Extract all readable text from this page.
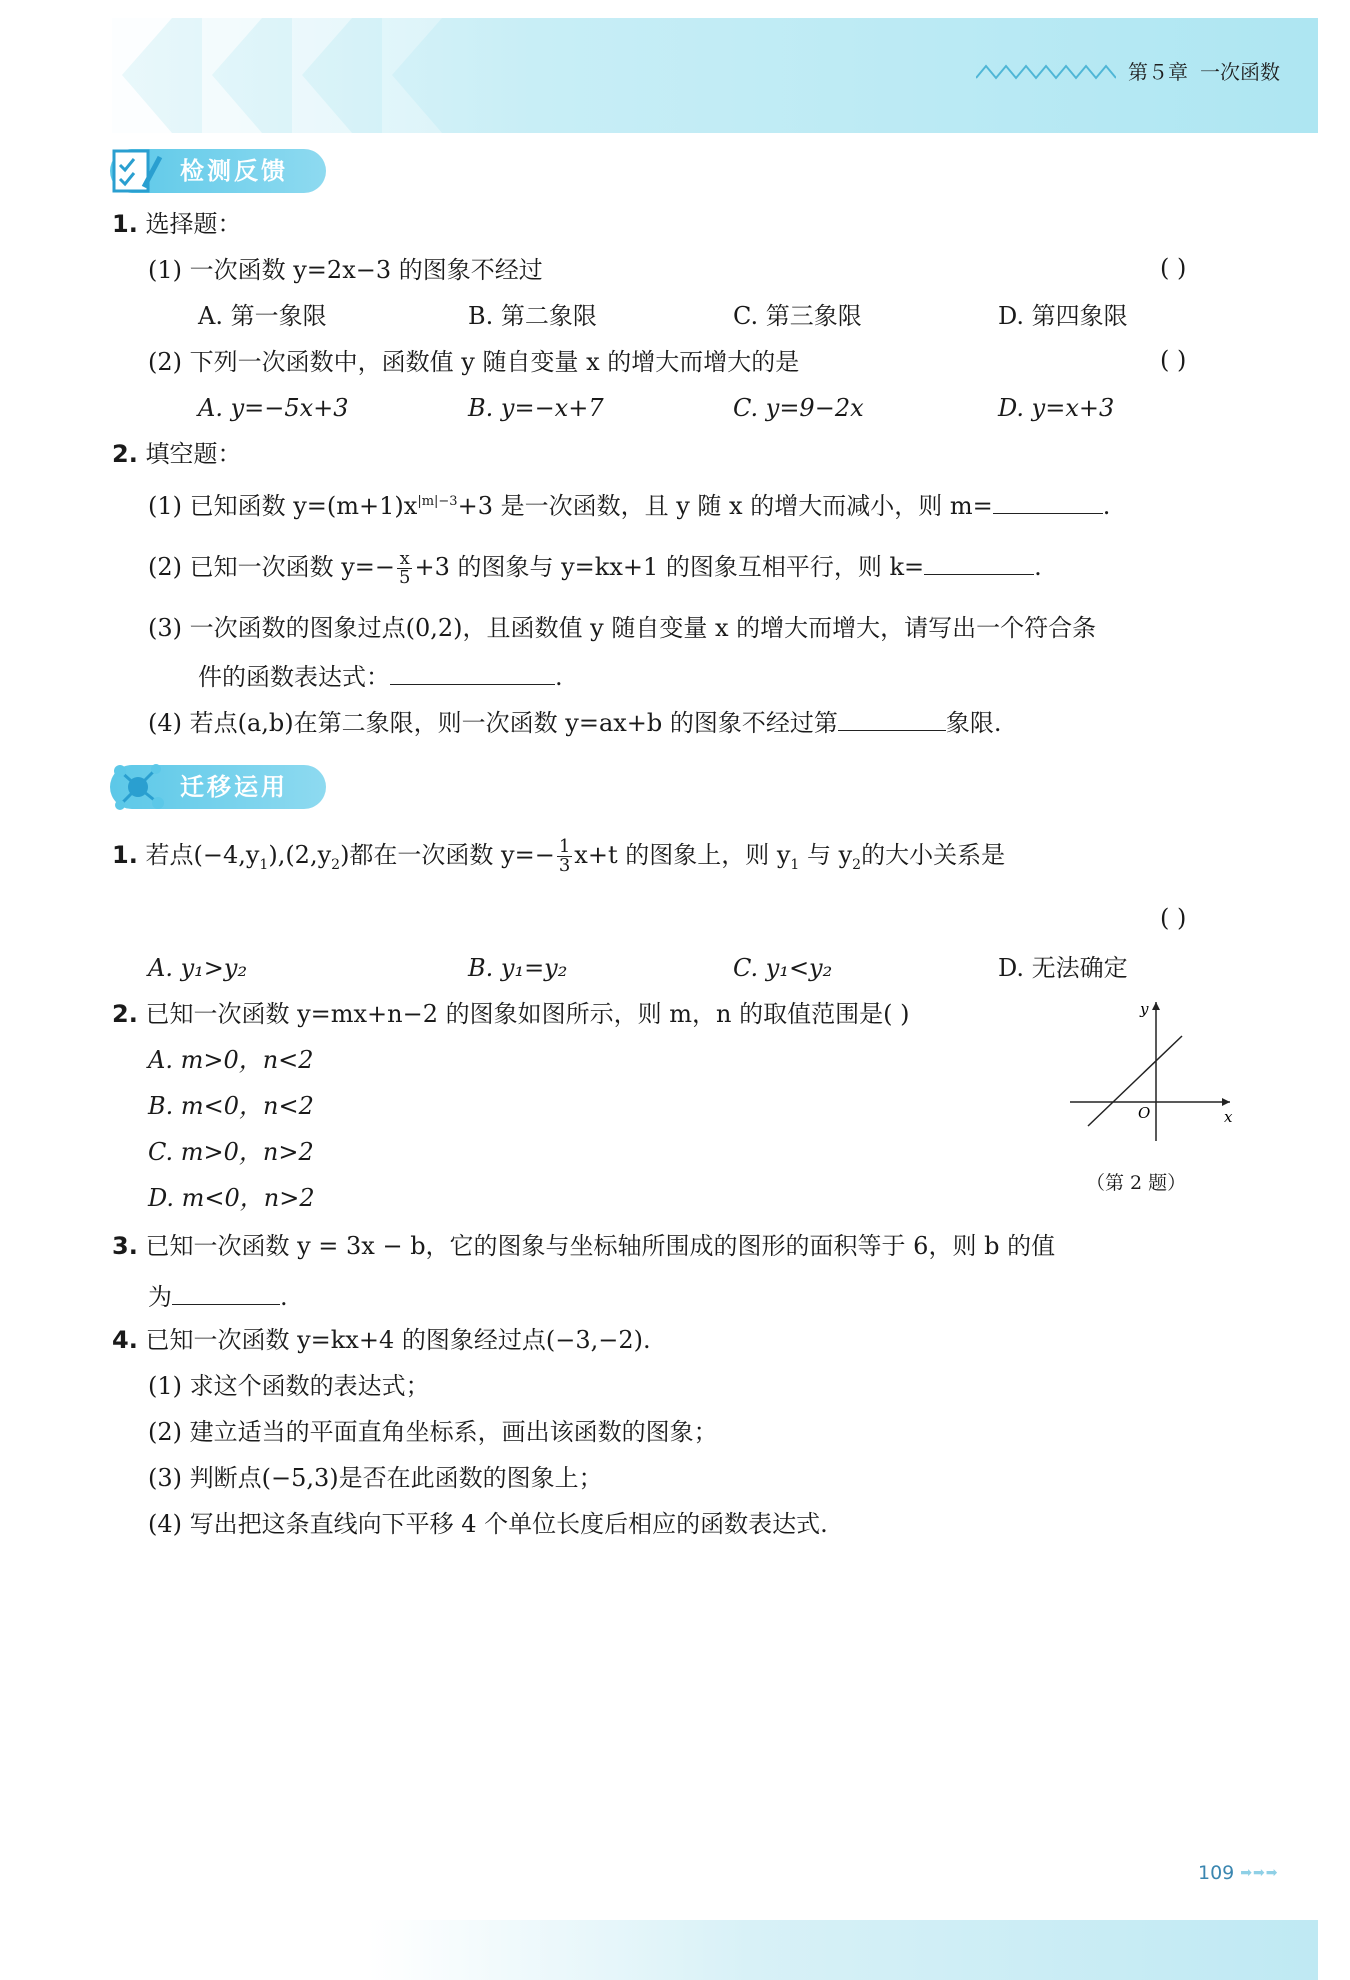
第５章 一次函数
检测反馈
1. 选择题：
(1) 一次函数 y=2x−3 的图象不经过	( )
A. 第一象限	B. 第二象限	C. 第三象限	D. 第四象限
(2) 下列一次函数中，函数值 y 随自变量 x 的增大而增大的是	( )
A. y=−5x+3	B. y=−x+7	C. y=9−2x	D. y=x+3
2. 填空题：
(1) 已知函数 $y=(m+1)x^{|m|-3}+3$ 是一次函数，且 y 随 x 的增大而减小，则 m=	.
(2) 已知一次函数 $y=- \frac{x}{5} +3$ 的图象与 y=kx+1 的图象互相平行，则 k=	.
(3) 一次函数的图象过点(0,2)，且函数值 y 随自变量 x 的增大而增大，请写出一个符合条
件的函数表达式：	.
(4) 若点(a,b)在第二象限，则一次函数 y=ax+b 的图象不经过第	象限.
迁移运用
1. 若点$(-4,y_1),(2,y_2)$都在一次函数 $y=- \frac{1}{3} x+t$ 的图象上，则 $y_1$ 与 $y_2$的大小关系是
( )
A. y₁>y₂	B. y₁=y₂	C. y₁<y₂	D. 无法确定
2. 已知一次函数 y=mx+n−2 的图象如图所示，则 m，n 的取值范围是( )
A. m>0，n<2
B. m<0，n<2
C. m>0，n>2
D. m<0，n>2
y
x
O
（第 2 题）
3. 已知一次函数 y = 3x − b，它的图象与坐标轴所围成的图形的面积等于 6，则 b 的值
为	.
4. 已知一次函数 y=kx+4 的图象经过点(−3,−2).
(1) 求这个函数的表达式；
(2) 建立适当的平面直角坐标系，画出该函数的图象；
(3) 判断点(−5,3)是否在此函数的图象上；
(4) 写出把这条直线向下平移 4 个单位长度后相应的函数表达式.
109 ➡➡➡
